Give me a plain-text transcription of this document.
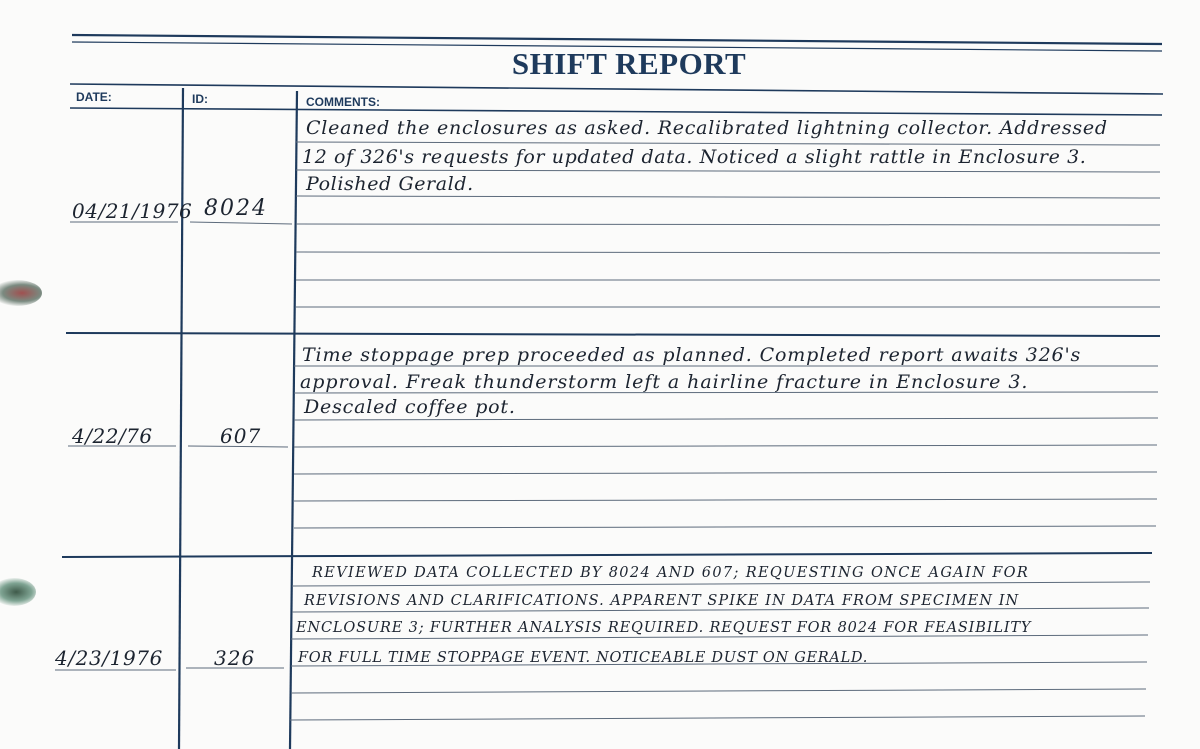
SHIFT REPORT
DATE:	ID:	COMMENTS:
04/21/1976 8024
Cleaned the enclosures as asked. Recalibrated lightning collector. Addressed
12 of 326's requests for updated data. Noticed a slight rattle in Enclosure 3.
Polished Gerald.
4/22/76	607
Time stoppage prep proceeded as planned. Completed report awaits 326's
approval. Freak thunderstorm left a hairline fracture in Enclosure 3.
Descaled coffee pot.
4/23/1976	326
REVIEWED DATA COLLECTED BY 8024 AND 607; REQUESTING ONCE AGAIN FOR
REVISIONS AND CLARIFICATIONS. APPARENT SPIKE IN DATA FROM SPECIMEN IN
ENCLOSURE 3; FURTHER ANALYSIS REQUIRED. REQUEST FOR 8024 FOR FEASIBILITY
FOR FULL TIME STOPPAGE EVENT. NOTICEABLE DUST ON GERALD.
